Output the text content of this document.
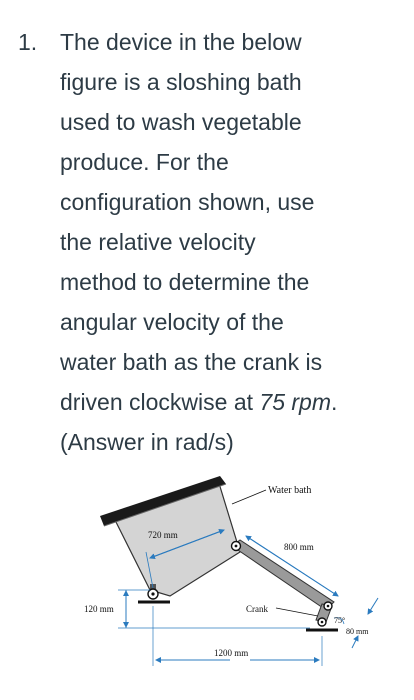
1. The device in the below
figure is a sloshing bath
used to wash vegetable
produce. For the
configuration shown, use
the relative velocity
method to determine the
angular velocity of the
water bath as the crank is
driven clockwise at 75 rpm.
(Answer in rad/s)
Water bath
720 mm
800 mm
120 mm	Crank
75°
80 mm
1200 mm
